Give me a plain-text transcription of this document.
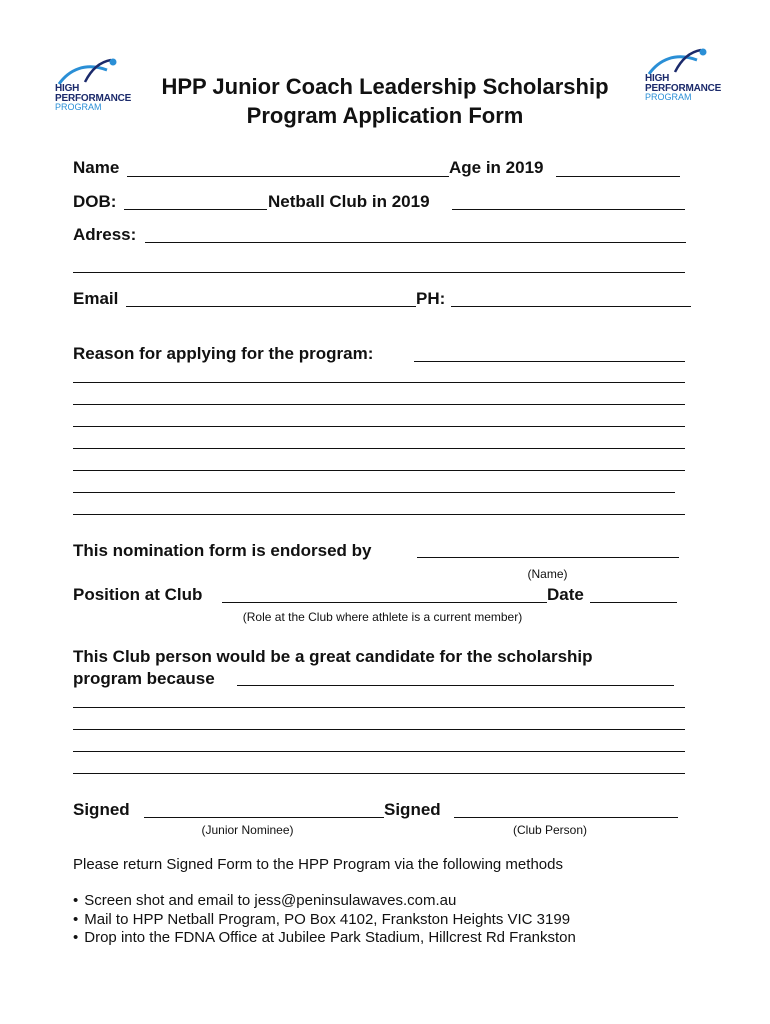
HIGH
PERFORMANCE
PROGRAM
HIGH
PERFORMANCE
PROGRAM
HPP Junior Coach Leadership Scholarship
Program Application Form
Name	Age in 2019
DOB:	Netball Club in 2019
Adress:
Email	PH:
Reason for applying for the program:
This nomination form is endorsed by
(Name)
Position at Club	Date
(Role at the Club where athlete is a current member)
This Club person would be a great candidate for the scholarship
program because
Signed	Signed
(Junior Nominee)	(Club Person)
Please return Signed Form to the HPP Program via the following methods
• Screen shot and email to jess@peninsulawaves.com.au
• Mail to HPP Netball Program, PO Box 4102, Frankston Heights VIC 3199
• Drop into the FDNA Office at Jubilee Park Stadium, Hillcrest Rd Frankston
